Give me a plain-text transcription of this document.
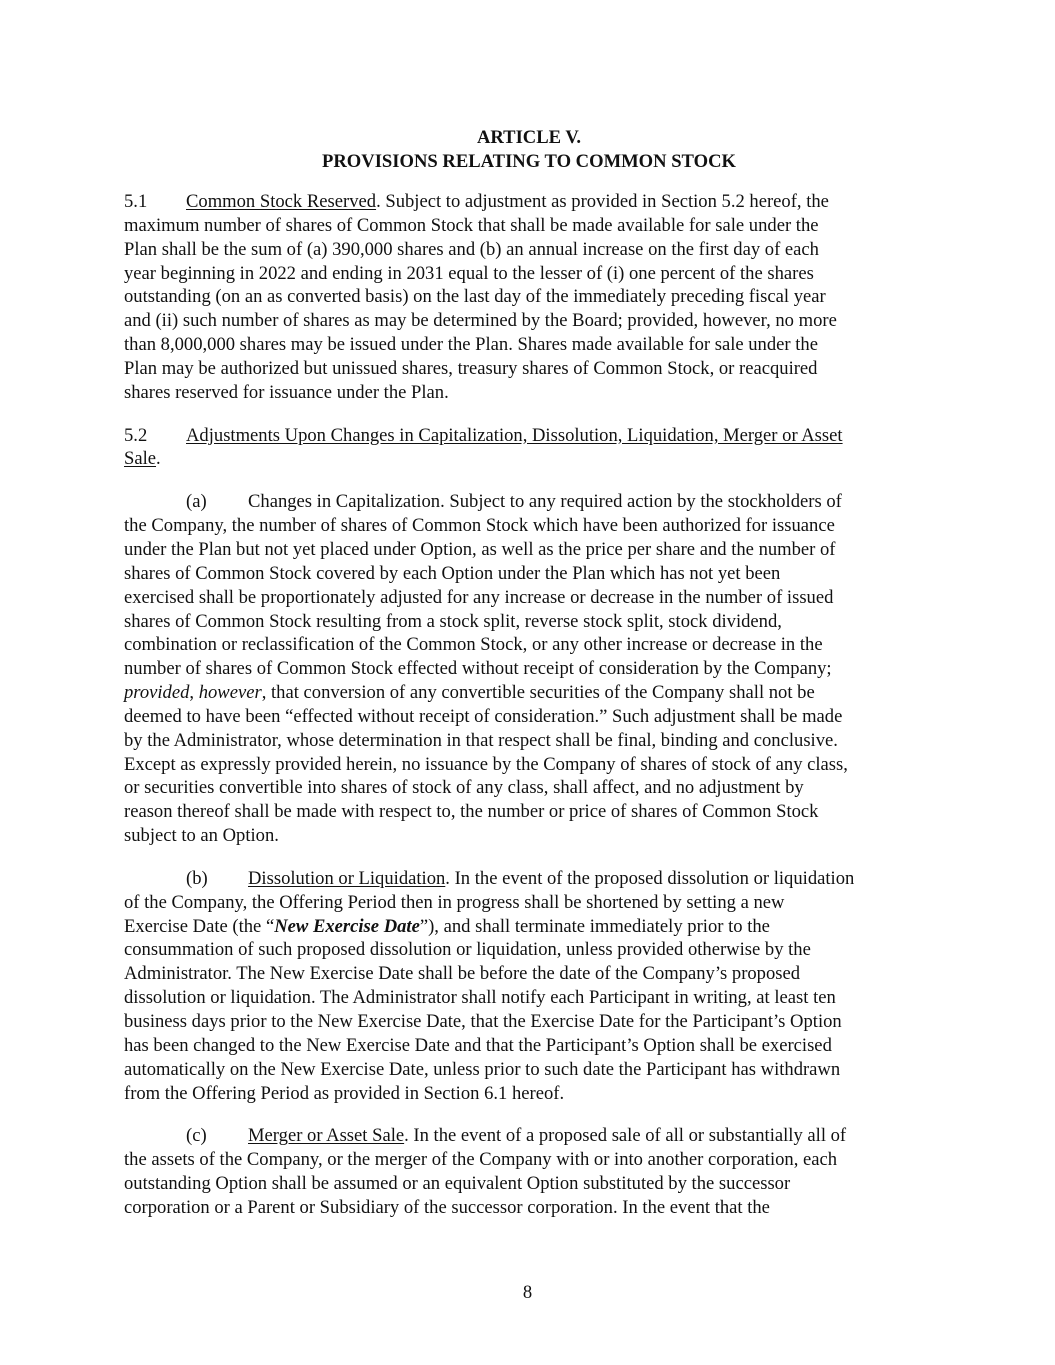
ARTICLE V.

PROVISIONS RELATING TO COMMON STOCK

5.1 Common Stock Reserved. Subject to adjustment as provided in Section 5.2 hereof, the
maximum number of shares of Common Stock that shall be made available for sale under the
Plan shall be the sum of (a) 390,000 shares and (b) an annual increase on the first day of each
year beginning in 2022 and ending in 2031 equal to the lesser of (i) one percent of the shares
outstanding (on an as converted basis) on the last day of the immediately preceding fiscal year
and (ii) such number of shares as may be determined by the Board; provided, however, no more
than 8,000,000 shares may be issued under the Plan. Shares made available for sale under the
Plan may be authorized but unissued shares, treasury shares of Common Stock, or reacquired
shares reserved for issuance under the Plan.
5.2 Adjustments Upon Changes in Capitalization, Dissolution, Liquidation, Merger or Asset
Sale.
(a) Changes in Capitalization. Subject to any required action by the stockholders of
the Company, the number of shares of Common Stock which have been authorized for issuance
under the Plan but not yet placed under Option, as well as the price per share and the number of
shares of Common Stock covered by each Option under the Plan which has not yet been
exercised shall be proportionately adjusted for any increase or decrease in the number of issued
shares of Common Stock resulting from a stock split, reverse stock split, stock dividend,
combination or reclassification of the Common Stock, or any other increase or decrease in the
number of shares of Common Stock effected without receipt of consideration by the Company;
provided, however, that conversion of any convertible securities of the Company shall not be
deemed to have been “effected without receipt of consideration.” Such adjustment shall be made
by the Administrator, whose determination in that respect shall be final, binding and conclusive.
Except as expressly provided herein, no issuance by the Company of shares of stock of any class,
or securities convertible into shares of stock of any class, shall affect, and no adjustment by
reason thereof shall be made with respect to, the number or price of shares of Common Stock
subject to an Option.
(b) Dissolution or Liquidation. In the event of the proposed dissolution or liquidation
of the Company, the Offering Period then in progress shall be shortened by setting a new
Exercise Date (the “New Exercise Date”), and shall terminate immediately prior to the
consummation of such proposed dissolution or liquidation, unless provided otherwise by the
Administrator. The New Exercise Date shall be before the date of the Company’s proposed
dissolution or liquidation. The Administrator shall notify each Participant in writing, at least ten
business days prior to the New Exercise Date, that the Exercise Date for the Participant’s Option
has been changed to the New Exercise Date and that the Participant’s Option shall be exercised
automatically on the New Exercise Date, unless prior to such date the Participant has withdrawn
from the Offering Period as provided in Section 6.1 hereof.
(c) Merger or Asset Sale. In the event of a proposed sale of all or substantially all of
the assets of the Company, or the merger of the Company with or into another corporation, each
outstanding Option shall be assumed or an equivalent Option substituted by the successor
corporation or a Parent or Subsidiary of the successor corporation. In the event that the
8
